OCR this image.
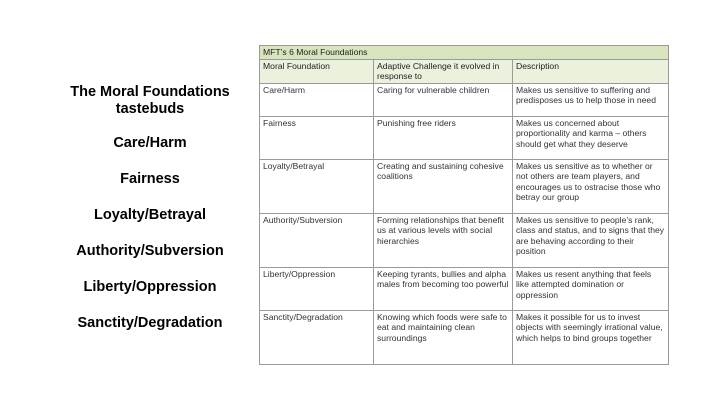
The Moral Foundations
tastebuds
Care/Harm
Fairness
Loyalty/Betrayal
Authority/Subversion
Liberty/Oppression
Sanctity/Degradation
MFT’s 6 Moral Foundations		
Moral Foundation	Adaptive Challenge it evolved in response to	Description
Care/Harm	Caring for vulnerable children	Makes us sensitive to suffering and predisposes us to help those in need
Fairness	Punishing free riders	Makes us concerned about proportionality and karma – others should get what they deserve
Loyalty/Betrayal	Creating and sustaining cohesive coalitions	Makes us sensitive as to whether or not others are team players, and encourages us to ostracise those who betray our group
Authority/Subversion	Forming relationships that benefit us at various levels with social hierarchies	Makes us sensitive to people’s rank, class and status, and to signs that they are behaving according to their position
Liberty/Oppression	Keeping tyrants, bullies and alpha males from becoming too powerful	Makes us resent anything that feels like attempted domination or oppression
Sanctity/Degradation	Knowing which foods were safe to eat and maintaining clean surroundings	Makes it possible for us to invest objects with seemingly irrational value, which helps to bind groups together
